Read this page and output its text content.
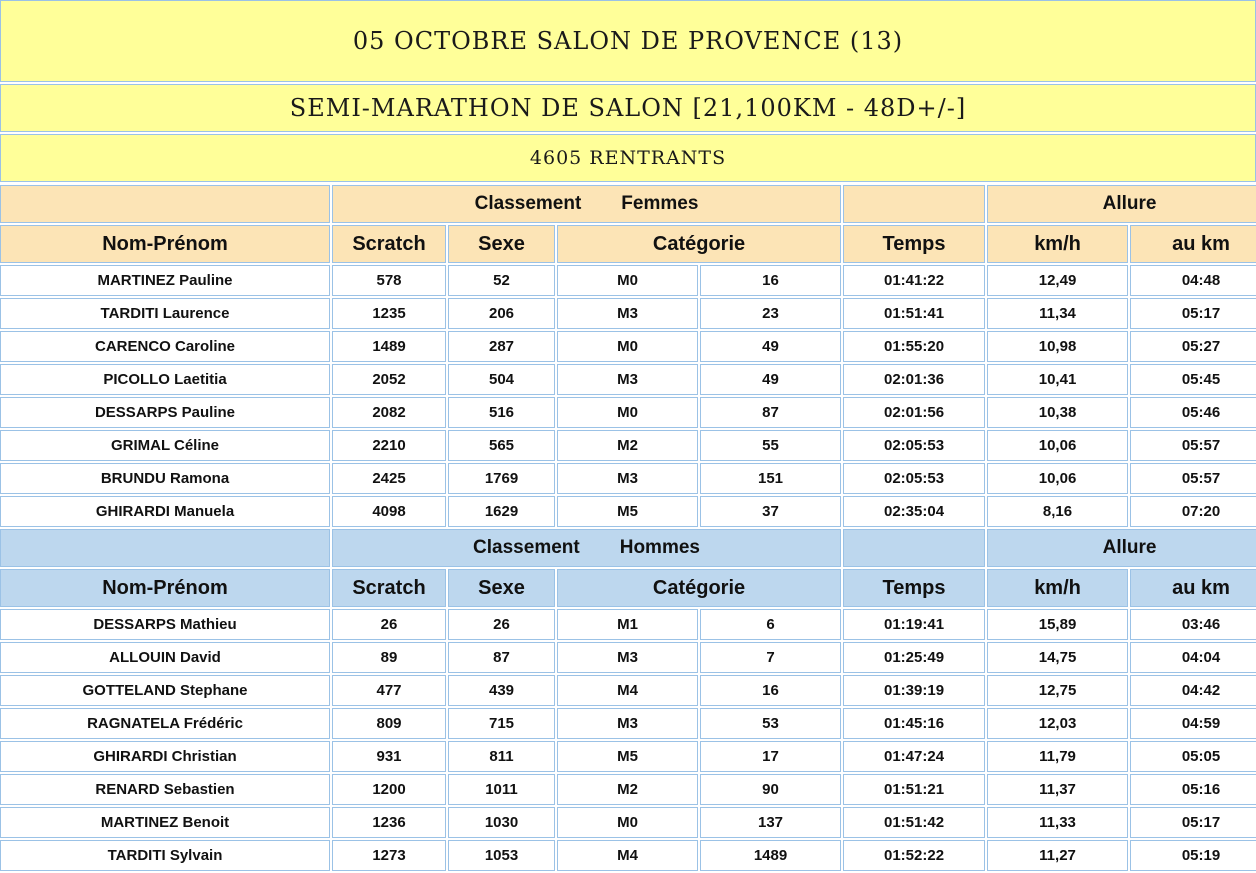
05 OCTOBRE SALON DE PROVENCE (13)
SEMI-MARATHON DE SALON [21,100KM - 48D+/-]
4605 RENTRANTS
	Classement Femmes					Allure	
Nom-Prénom	Scratch	Sexe	Catégorie		Temps	km/h	au km
MARTINEZ Pauline	578	52	M0	16	01:41:22	12,49	04:48
TARDITI Laurence	1235	206	M3	23	01:51:41	11,34	05:17
CARENCO Caroline	1489	287	M0	49	01:55:20	10,98	05:27
PICOLLO Laetitia	2052	504	M3	49	02:01:36	10,41	05:45
DESSARPS Pauline	2082	516	M0	87	02:01:56	10,38	05:46
GRIMAL Céline	2210	565	M2	55	02:05:53	10,06	05:57
BRUNDU Ramona	2425	1769	M3	151	02:05:53	10,06	05:57
GHIRARDI Manuela	4098	1629	M5	37	02:35:04	8,16	07:20
	Classement Hommes					Allure	
Nom-Prénom	Scratch	Sexe	Catégorie		Temps	km/h	au km
DESSARPS Mathieu	26	26	M1	6	01:19:41	15,89	03:46
ALLOUIN David	89	87	M3	7	01:25:49	14,75	04:04
GOTTELAND Stephane	477	439	M4	16	01:39:19	12,75	04:42
RAGNATELA Frédéric	809	715	M3	53	01:45:16	12,03	04:59
GHIRARDI Christian	931	811	M5	17	01:47:24	11,79	05:05
RENARD Sebastien	1200	1011	M2	90	01:51:21	11,37	05:16
MARTINEZ Benoit	1236	1030	M0	137	01:51:42	11,33	05:17
TARDITI Sylvain	1273	1053	M4	1489	01:52:22	11,27	05:19
